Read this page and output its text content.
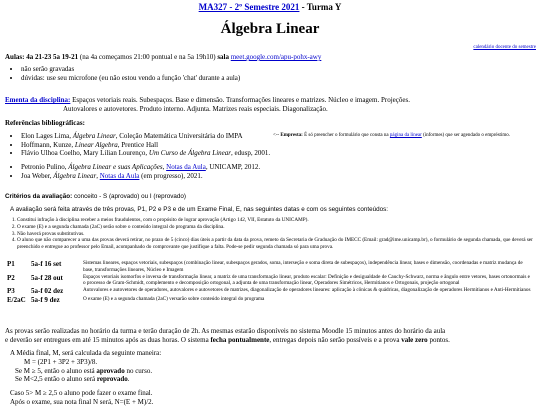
MA327 - 2º Semestre 2021 - Turma Y
Álgebra Linear
calendário docente do semestre
Aulas: 4a 21-23 5a 19-21 (na 4a começamos 21:00 pontual e na 5a 19h10) sala meet.google.com/apu-pohx-awy
• não serão gravadas
• dúvidas: use seu microfone (eu não estou vendo a função 'chat' durante a aula)
Ementa da disciplina: Espaços vetoriais reais. Subespaços. Base e dimensão. Transformações lineares e matrizes. Núcleo e imagem. Projeções.
Autovalores e autovetores. Produto interno. Adjunta. Matrizes reais especiais. Diagonalização.
Referências bibliográficas:
• Elon Lages Lima, Álgebra Linear, Coleção Matemática Universitária do IMPA
• Hoffmann, Kunze, Linear Algebra, Prentice Hall
• Flávio Ulhoa Coelho, Mary Lilian Lourenço, Um Curso de Álgebra Linear, edusp, 2001.
<-- Empresta: É só preencher o formulário que consta na página da linear (informes) que ser agendado o empréstimo.
• Petronio Pulino, Álgebra Linear e suas Aplicações, Notas da Aula, UNICAMP, 2012.
• Joa Weber, Álgebra Linear, Notas da Aula (em progresso), 2021.
Critérios da avaliação: conceito - S (aprovado) ou I (reprovado)
A avaliação será feita através de três provas, P1, P2 e P3 e de um Exame Final, E, nas seguintes datas e com os seguintes conteúdos:
1. Constitui infração à disciplina receber a meios fraudulentos, com o propósito de lograr aprovação (Artigo 142, VII, Estatuto da UNICAMP).
2. O exame (E) e a segunda chamada (2aC) serão sobre o conteúdo integral do programa da disciplina.
3. Não haverá provas substitutivas.
4. O aluno que não comparecer a uma das provas deverá retirar, no prazo de 5 (cinco) dias úteis a partir da data da prova, remeto da Secretaria de Graduação do IMECC (Email: grad@ime.unicamp.br), o formulário de segunda chamada, que deverá ser preenchido e entregue ao professor pelo Email, acompanhado do comprovante que justifique a falta. Pode-se pedir segunda chamada só para uma prova.
P1	5a-f 16 set	Sistemas lineares, espaços vetoriais, subespaços (combinação linear, subespaços gerados, soma, interseção e soma direta de subespaços), independência linear, bases e dimensão, coordenadas e matriz mudança de base, transformações lineares, Núcleo e Imagem
P2	5a-f 28 out	Espaços vetoriais isomorfos e inversa de transformação linear, a matriz de uma transformação linear, produto escalar: Definição e desigualdade de Cauchy-Schwarz, norma e ângulo entre vetores, bases ortonormais e o processo de Gram-Schmidt, complemento e decomposição ortogonal, a adjunta de uma transformação linear, Operadores Simétricos, Hermitianos e Ortogonais, projeção ortogonal
P3	5a-f 02 dez	Autovalores e autovetores de operadores, autovalores e autovetores de matrizes, diagonalização de operadores lineares: aplicação à cônicas & quádricas, diagonalização de operadores Hermitianos e Anti-Hermitianos
E/2aC	5a-f 9 dez	O exame (E) e a segunda chamada (2aC) versarão sobre conteúdo integral do programa
As provas serão realizadas no horário da turma e terão duração de 2h. As mesmas estarão disponíveis no sistema Moodle 15 minutos antes do horário da aula
e deverão ser entregues em até 15 minutos após as duas horas. O sistema fecha pontualmente, entregas depois não serão possíveis e a prova vale zero pontos.
A Média final, M, será calculada da seguinte maneira:
M = (2P1 + 3P2 + 3P3)/8.
Se M ≥ 5, então o aluno está aprovado no curso.
Se M<2,5 então o aluno será reprovado.
Caso 5> M ≥ 2,5 o aluno pode fazer o exame final.
Após o exame, sua nota final N será, N=(E + M)/2.
